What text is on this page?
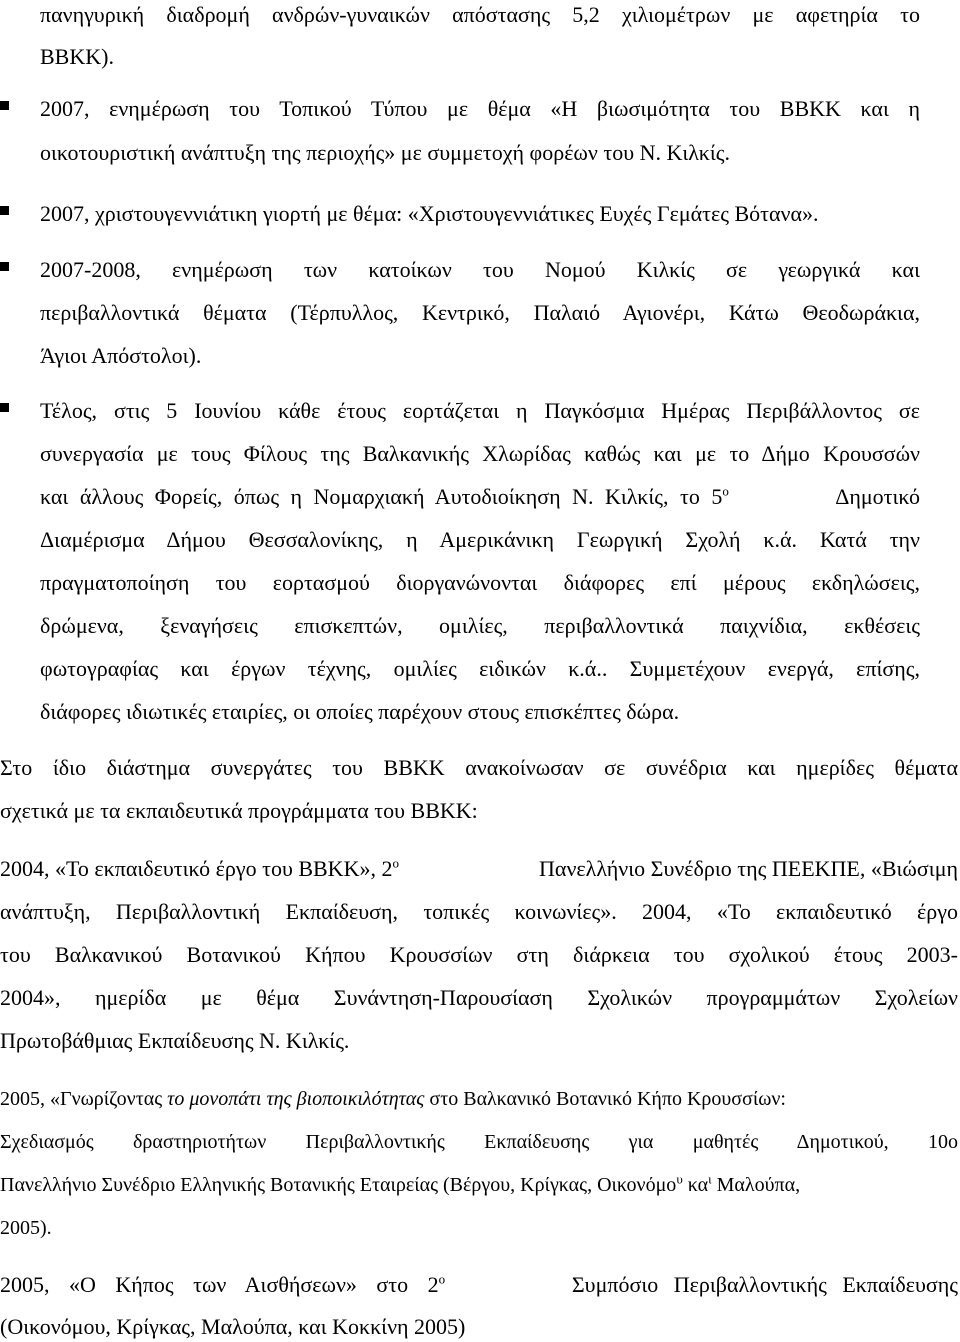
πανηγυρική διαδρομή ανδρών-γυναικών απόστασης 5,2 χιλιομέτρων με αφετηρία το
ΒΒΚΚ).
2007, ενημέρωση του Τοπικού Τύπου με θέμα «Η βιωσιμότητα του ΒΒΚΚ και η
οικοτουριστική ανάπτυξη της περιοχής» με συμμετοχή φορέων του Ν. Κιλκίς.
2007, χριστουγεννιάτικη γιορτή με θέμα: «Χριστουγεννιάτικες Ευχές Γεμάτες Βότανα».
2007-2008, ενημέρωση των κατοίκων του Νομού Κιλκίς σε γεωργικά και
περιβαλλοντικά θέματα (Τέρπυλλος, Κεντρικό, Παλαιό Αγιονέρι, Κάτω Θεοδωράκια,
Άγιοι Απόστολοι).
Τέλος, στις 5 Ιουνίου κάθε έτους εορτάζεται η Παγκόσμια Ημέρας Περιβάλλοντος σε
συνεργασία με τους Φίλους της Βαλκανικής Χλωρίδας καθώς και με το Δήμο Κρουσσών
και άλλους Φορείς, όπως η Νομαρχιακή Αυτοδιοίκηση Ν. Κιλκίς, το $5^o$	Δημοτικό
Διαμέρισμα Δήμου Θεσσαλονίκης, η Αμερικάνικη Γεωργική Σχολή κ.ά. Κατά την
πραγματοποίηση του εορτασμού διοργανώνονται διάφορες επί μέρους εκδηλώσεις,
δρώμενα, ξεναγήσεις επισκεπτών, ομιλίες, περιβαλλοντικά παιχνίδια, εκθέσεις
φωτογραφίας και έργων τέχνης, ομιλίες ειδικών κ.ά.. Συμμετέχουν ενεργά, επίσης,
διάφορες ιδιωτικές εταιρίες, οι οποίες παρέχουν στους επισκέπτες δώρα.
Στο ίδιο διάστημα συνεργάτες του ΒΒΚΚ ανακοίνωσαν σε συνέδρια και ημερίδες θέματα
σχετικά με τα εκπαιδευτικά προγράμματα του ΒΒΚΚ:
2004, «Το εκπαιδευτικό έργο του ΒΒΚΚ», $2^o$	Πανελλήνιο Συνέδριο της ΠΕΕΚΠΕ, «Βιώσιμη
ανάπτυξη, Περιβαλλοντική Εκπαίδευση, τοπικές κοινωνίες». 2004, «Το εκπαιδευτικό έργο
του Βαλκανικού Βοτανικού Κήπου Κρουσσίων στη διάρκεια του σχολικού έτους 2003-
2004», ημερίδα με θέμα Συνάντηση-Παρουσίαση Σχολικών προγραμμάτων Σχολείων
Πρωτοβάθμιας Εκπαίδευσης Ν. Κιλκίς.
2005, «Γνωρίζοντας το μονοπάτι της βιοποικιλότητας στο Βαλκανικό Βοτανικό Κήπο Κρουσσίων:
Σχεδιασμός δραστηριοτήτων Περιβαλλοντικής Εκπαίδευσης για μαθητές Δημοτικού, 10ο
Πανελλήνιο Συνέδριο Ελληνικής Βοτανικής Εταιρείας (Βέργου, Κρίγκας, Οικονόμο$^\upsilon$ $\kappa\alpha^\iota$ Μαλούπα,
2005).
2005, «Ο Κήπος των Αισθήσεων» στο $2^o$	Συμπόσιο Περιβαλλοντικής Εκπαίδευσης
(Οικονόμου, Κρίγκας, Μαλούπα, και Κοκκίνη 2005)
